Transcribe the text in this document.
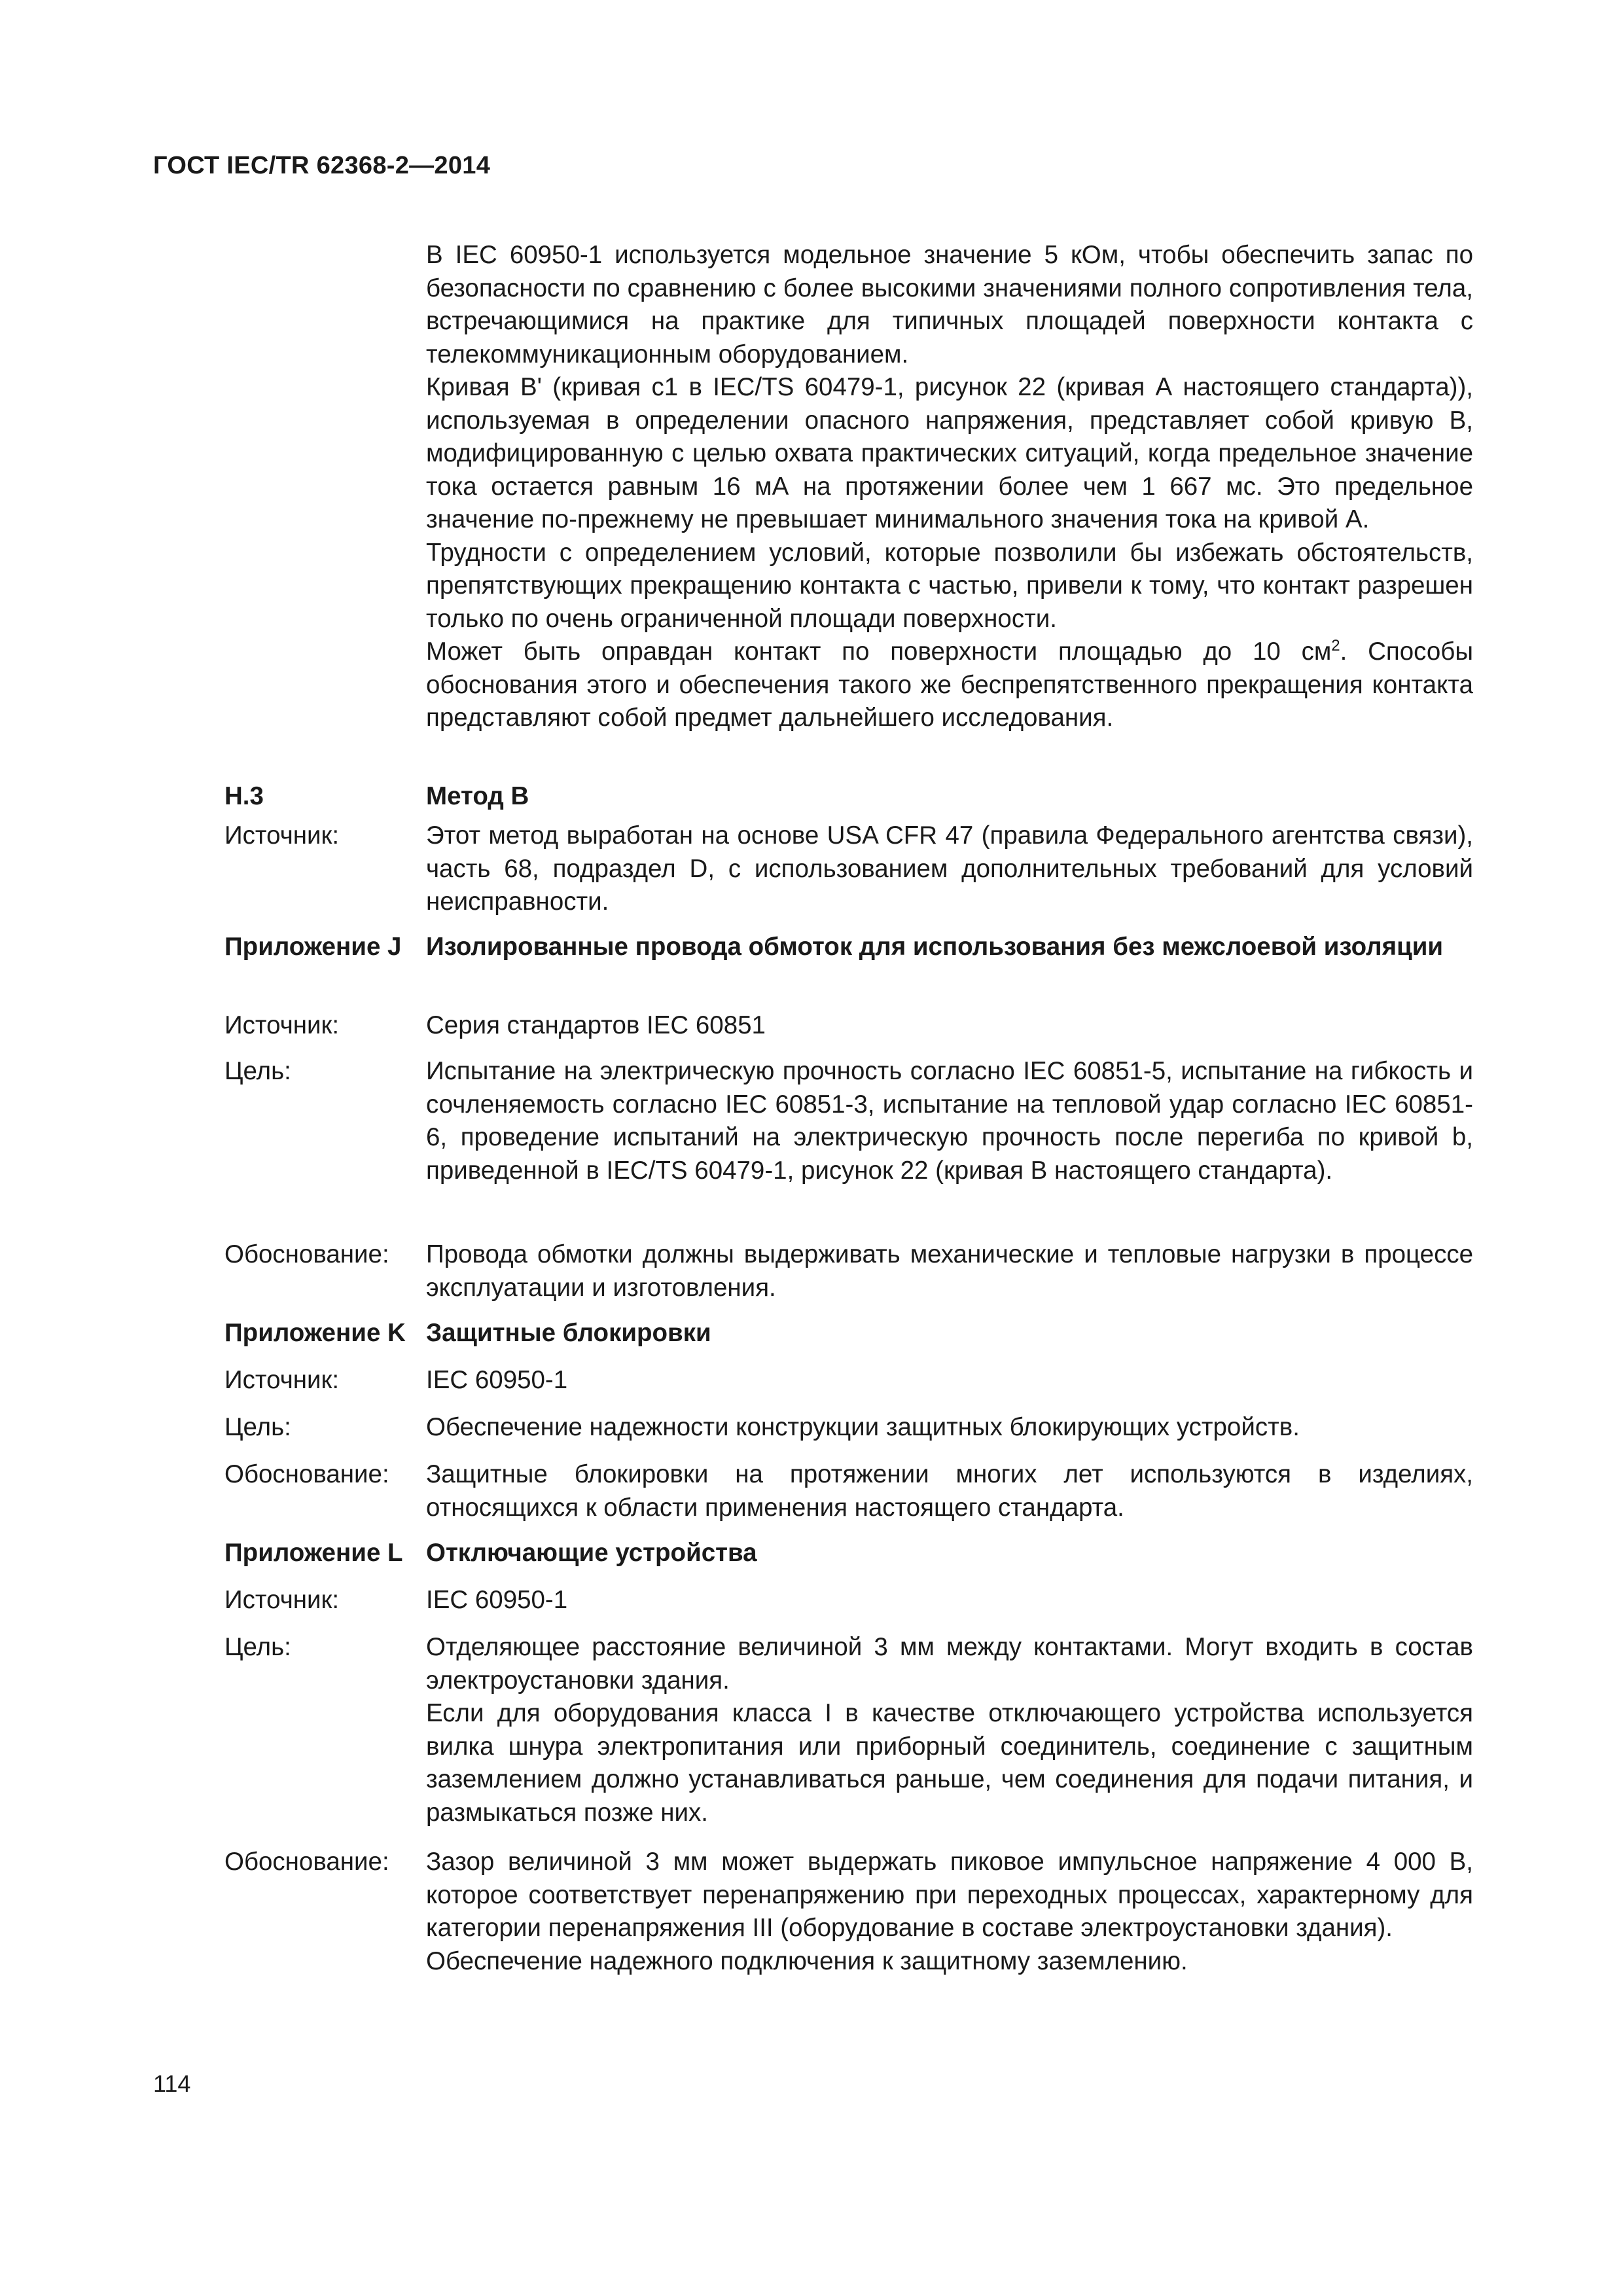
ГОСТ IEC/TR 62368-2—2014

В IEC 60950-1 используется модельное значение 5 кОм, чтобы обеспечить запас по безопасности по сравнению с более высокими значениями полного сопротивления тела, встречающимися на практике для типичных площадей поверхности контакта с телекоммуникационным оборудованием.

Кривая В' (кривая c1 в IEC/TS 60479-1, рисунок 22 (кривая А настоящего стандарта)), используемая в определении опасного напряжения, представляет собой кривую В, модифицированную с целью охвата практических ситуаций, когда предельное значение тока остается равным 16 мА на протяжении более чем 1 667 мс. Это предельное значение по-прежнему не превышает минимального значения тока на кривой А.

Трудности с определением условий, которые позволили бы избежать обстоятельств, препятствующих прекращению контакта с частью, привели к тому, что контакт разрешен только по очень ограниченной площади поверхности.

Может быть оправдан контакт по поверхности площадью до 10 $см^2$. Способы обоснования этого и обеспечения такого же беспрепятственного прекращения контакта представляют собой предмет дальнейшего исследования.

H.3	Метод B
Источник:	Этот метод выработан на основе USA CFR 47 (правила Федерального агентства связи), часть 68, подраздел D, с использованием дополнительных требований для условий неисправности.

Приложение J Изолированные провода обмоток для использования без межслоевой изоляции

Источник:	Серия стандартов IEC 60851
Цель:	Испытание на электрическую прочность согласно IEC 60851-5, испытание на гибкость и сочленяемость согласно IEC 60851-3, испытание на тепловой удар согласно IEC 60851-6, проведение испытаний на электрическую прочность после перегиба по кривой b, приведенной в IEC/TS 60479-1, рисунок 22 (кривая B настоящего стандарта).

Обоснование:	Провода обмотки должны выдерживать механические и тепловые нагрузки в процессе эксплуатации и изготовления.

Приложение K Защитные блокировки
Источник:	IEC 60950-1
Цель:	Обеспечение надежности конструкции защитных блокирующих устройств.
Обоснование:	Защитные блокировки на протяжении многих лет используются в изделиях, относящихся к области применения настоящего стандарта.

Приложение L Отключающие устройства
Источник:	IEC 60950-1
Цель:	Отделяющее расстояние величиной 3 мм между контактами. Могут входить в состав электроустановки здания.

Если для оборудования класса I в качестве отключающего устройства используется вилка шнура электропитания или приборный соединитель, соединение с защитным заземлением должно устанавливаться раньше, чем соединения для подачи питания, и размыкаться позже них.

Обоснование:	Зазор величиной 3 мм может выдержать пиковое импульсное напряжение 4 000 В, которое соответствует перенапряжению при переходных процессах, характерному для категории перенапряжения III (оборудование в составе электроустановки здания).

Обеспечение надежного подключения к защитному заземлению.

114
